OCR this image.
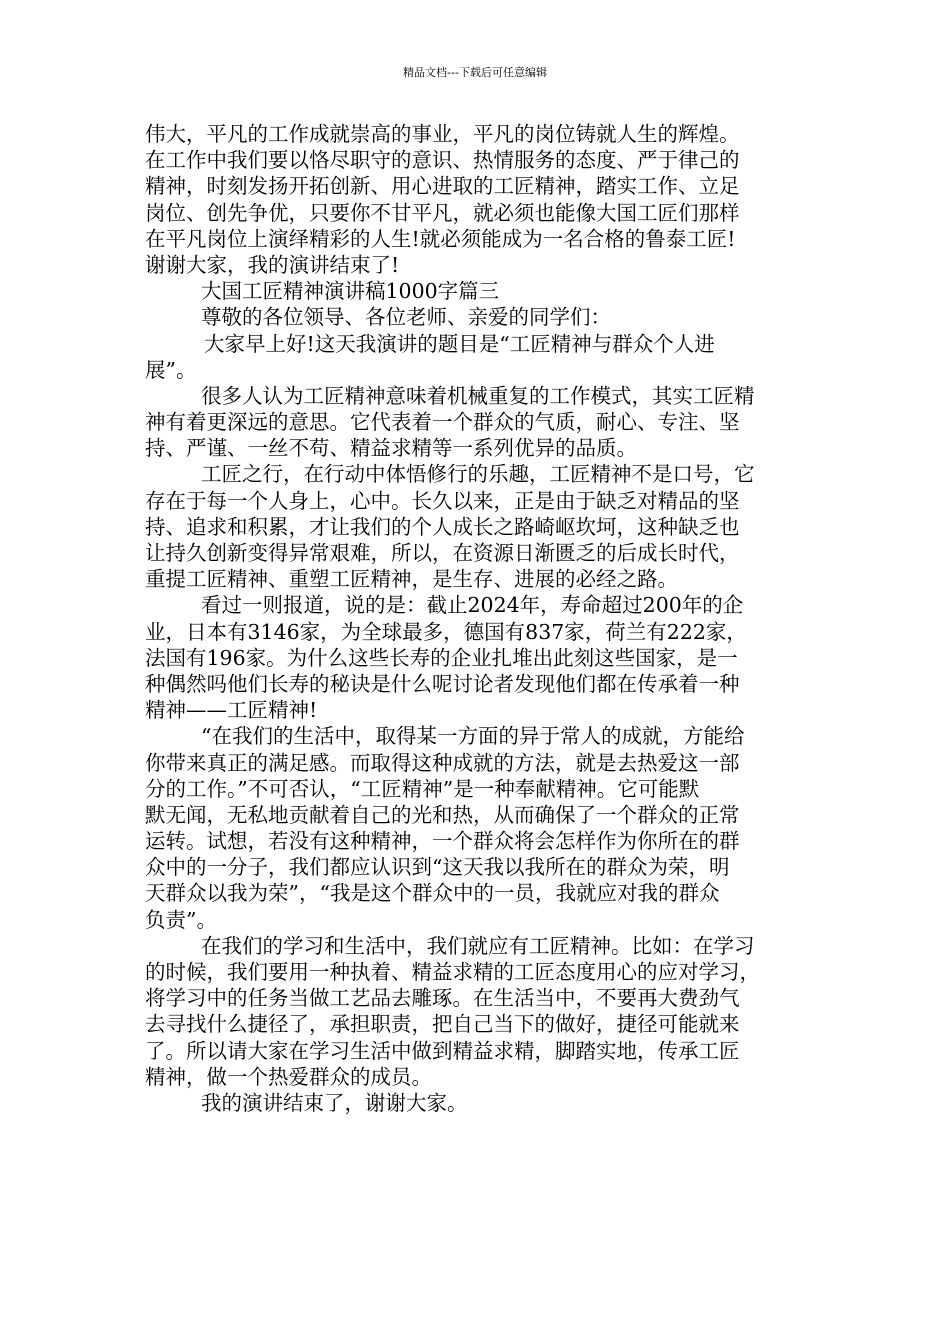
精品文档---下载后可任意编辑
伟大，平凡的工作成就崇高的事业，平凡的岗位铸就人生的辉煌。
在工作中我们要以恪尽职守的意识、热情服务的态度、严于律己的
精神，时刻发扬开拓创新、用心进取的工匠精神，踏实工作、立足
岗位、创先争优，只要你不甘平凡，就必须也能像大国工匠们那样
在平凡岗位上演绎精彩的人生!就必须能成为一名合格的鲁泰工匠!
谢谢大家，我的演讲结束了!
大国工匠精神演讲稿1000字篇三
尊敬的各位领导、各位老师、亲爱的同学们：
大家早上好!这天我演讲的题目是“工匠精神与群众个人进
展”。
很多人认为工匠精神意味着机械重复的工作模式，其实工匠精
神有着更深远的意思。它代表着一个群众的气质，耐心、专注、坚
持、严谨、一丝不苟、精益求精等一系列优异的品质。
工匠之行，在行动中体悟修行的乐趣，工匠精神不是口号，它
存在于每一个人身上，心中。长久以来，正是由于缺乏对精品的坚
持、追求和积累，才让我们的个人成长之路崎岖坎坷，这种缺乏也
让持久创新变得异常艰难，所以，在资源日渐匮乏的后成长时代，
重提工匠精神、重塑工匠精神，是生存、进展的必经之路。
看过一则报道，说的是：截止2024年，寿命超过200年的企
业，日本有3146家，为全球最多，德国有837家，荷兰有222家，
法国有196家。为什么这些长寿的企业扎堆出此刻这些国家，是一
种偶然吗他们长寿的秘诀是什么呢讨论者发现他们都在传承着一种
精神——工匠精神!
“在我们的生活中，取得某一方面的异于常人的成就，方能给
你带来真正的满足感。而取得这种成就的方法，就是去热爱这一部
分的工作。”不可否认，“工匠精神”是一种奉献精神。它可能默
默无闻，无私地贡献着自己的光和热，从而确保了一个群众的正常
运转。试想，若没有这种精神，一个群众将会怎样作为你所在的群
众中的一分子，我们都应认识到“这天我以我所在的群众为荣，明
天群众以我为荣”，“我是这个群众中的一员，我就应对我的群众
负责”。
在我们的学习和生活中，我们就应有工匠精神。比如：在学习
的时候，我们要用一种执着、精益求精的工匠态度用心的应对学习，
将学习中的任务当做工艺品去雕琢。在生活当中，不要再大费劲气
去寻找什么捷径了，承担职责，把自己当下的做好，捷径可能就来
了。所以请大家在学习生活中做到精益求精，脚踏实地，传承工匠
精神，做一个热爱群众的成员。
我的演讲结束了，谢谢大家。
